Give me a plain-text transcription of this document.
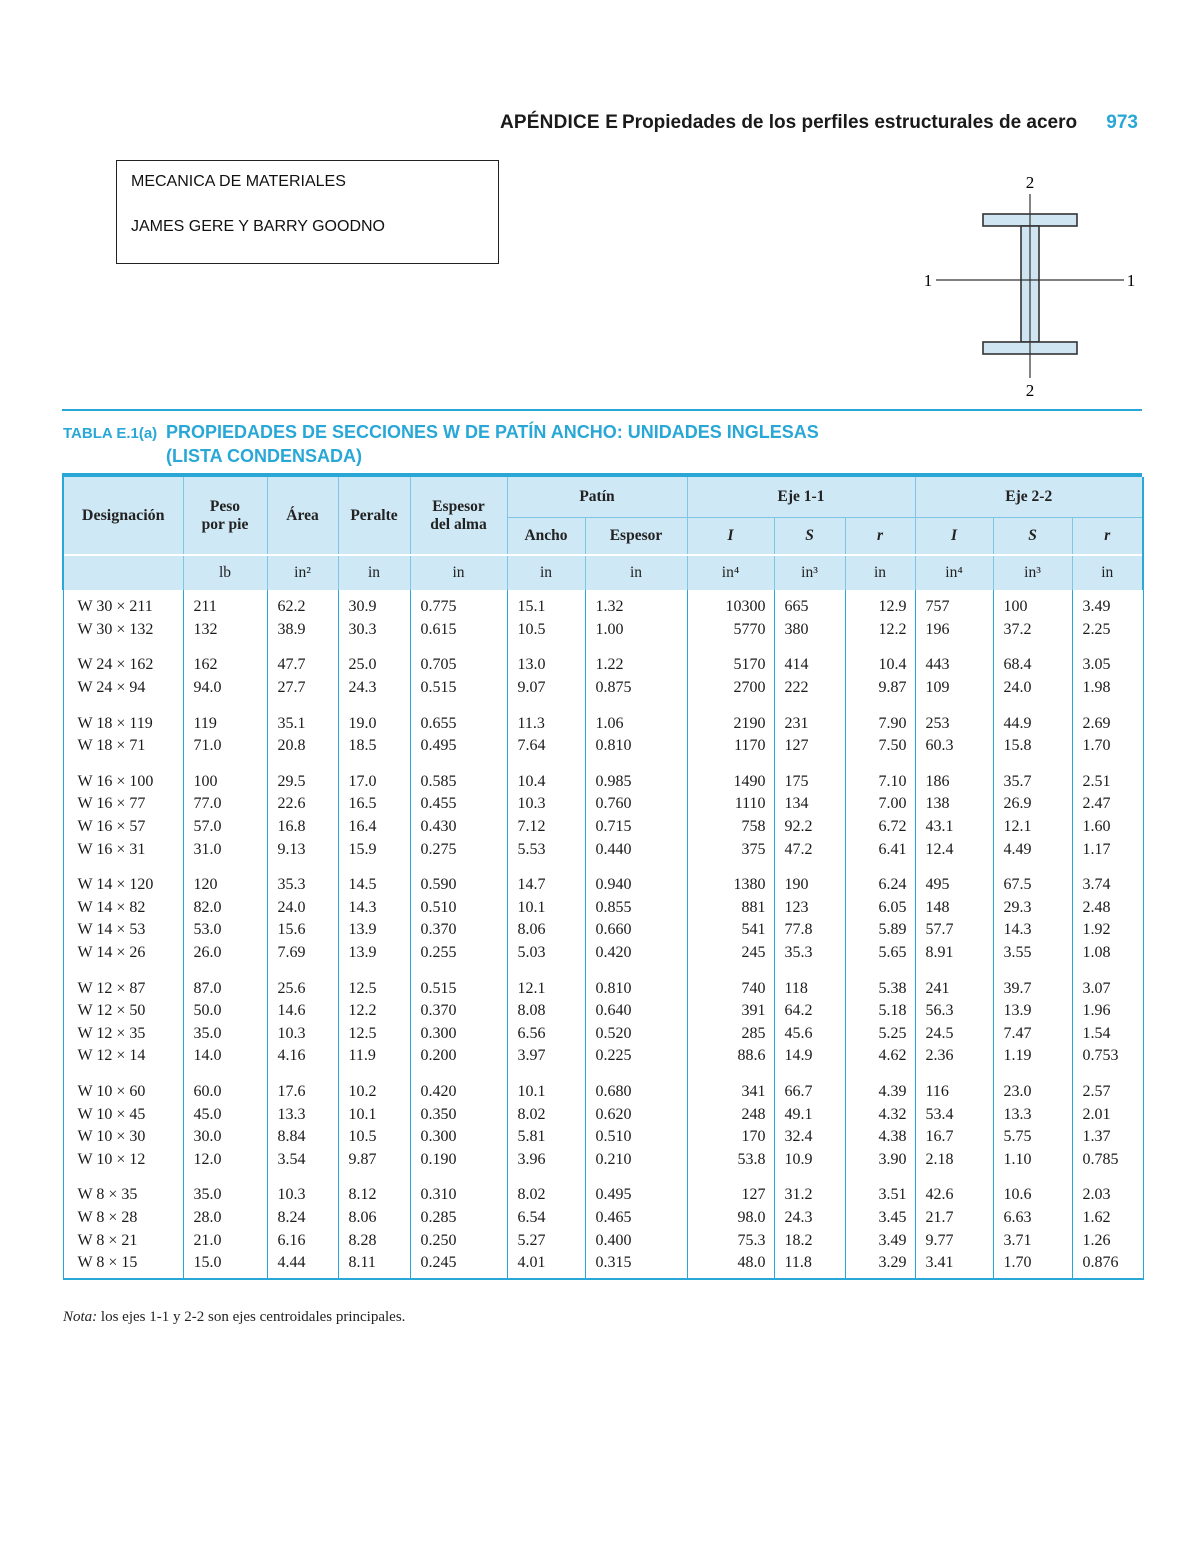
APÉNDICE E Propiedades de los perfiles estructurales de acero 973
MECANICA DE MATERIALES
JAMES GERE Y BARRY GOODNO
2
2
1	1
TABLA E.1(a) PROPIEDADES DE SECCIONES W DE PATÍN ANCHO: UNIDADES INGLESAS
(LISTA CONDENSADA)
Designación	Peso
por pie	Área	Peralte	Espesor
del alma	Patín		Eje 1-1			Eje 2-2		
					Ancho	Espesor	I	S	r	I	S	r
	lb	in²	in	in	in	in	in⁴	in³	in	in⁴	in³	in
W 30 × 211	211	62.2	30.9	0.775	15.1	1.32	10300	665	12.9	757	100	3.49
W 30 × 132	132	38.9	30.3	0.615	10.5	1.00	5770	380	12.2	196	37.2	2.25

W 24 × 162	162	47.7	25.0	0.705	13.0	1.22	5170	414	10.4	443	68.4	3.05
W 24 × 94	94.0	27.7	24.3	0.515	9.07	0.875	2700	222	9.87	109	24.0	1.98

W 18 × 119	119	35.1	19.0	0.655	11.3	1.06	2190	231	7.90	253	44.9	2.69
W 18 × 71	71.0	20.8	18.5	0.495	7.64	0.810	1170	127	7.50	60.3	15.8	1.70

W 16 × 100	100	29.5	17.0	0.585	10.4	0.985	1490	175	7.10	186	35.7	2.51
W 16 × 77	77.0	22.6	16.5	0.455	10.3	0.760	1110	134	7.00	138	26.9	2.47
W 16 × 57	57.0	16.8	16.4	0.430	7.12	0.715	758	92.2	6.72	43.1	12.1	1.60
W 16 × 31	31.0	9.13	15.9	0.275	5.53	0.440	375	47.2	6.41	12.4	4.49	1.17

W 14 × 120	120	35.3	14.5	0.590	14.7	0.940	1380	190	6.24	495	67.5	3.74
W 14 × 82	82.0	24.0	14.3	0.510	10.1	0.855	881	123	6.05	148	29.3	2.48
W 14 × 53	53.0	15.6	13.9	0.370	8.06	0.660	541	77.8	5.89	57.7	14.3	1.92
W 14 × 26	26.0	7.69	13.9	0.255	5.03	0.420	245	35.3	5.65	8.91	3.55	1.08

W 12 × 87	87.0	25.6	12.5	0.515	12.1	0.810	740	118	5.38	241	39.7	3.07
W 12 × 50	50.0	14.6	12.2	0.370	8.08	0.640	391	64.2	5.18	56.3	13.9	1.96
W 12 × 35	35.0	10.3	12.5	0.300	6.56	0.520	285	45.6	5.25	24.5	7.47	1.54
W 12 × 14	14.0	4.16	11.9	0.200	3.97	0.225	88.6	14.9	4.62	2.36	1.19	0.753

W 10 × 60	60.0	17.6	10.2	0.420	10.1	0.680	341	66.7	4.39	116	23.0	2.57
W 10 × 45	45.0	13.3	10.1	0.350	8.02	0.620	248	49.1	4.32	53.4	13.3	2.01
W 10 × 30	30.0	8.84	10.5	0.300	5.81	0.510	170	32.4	4.38	16.7	5.75	1.37
W 10 × 12	12.0	3.54	9.87	0.190	3.96	0.210	53.8	10.9	3.90	2.18	1.10	0.785

W 8 × 35	35.0	10.3	8.12	0.310	8.02	0.495	127	31.2	3.51	42.6	10.6	2.03
W 8 × 28	28.0	8.24	8.06	0.285	6.54	0.465	98.0	24.3	3.45	21.7	6.63	1.62
W 8 × 21	21.0	6.16	8.28	0.250	5.27	0.400	75.3	18.2	3.49	9.77	3.71	1.26
W 8 × 15	15.0	4.44	8.11	0.245	4.01	0.315	48.0	11.8	3.29	3.41	1.70	0.876
Nota: los ejes 1-1 y 2-2 son ejes centroidales principales.
